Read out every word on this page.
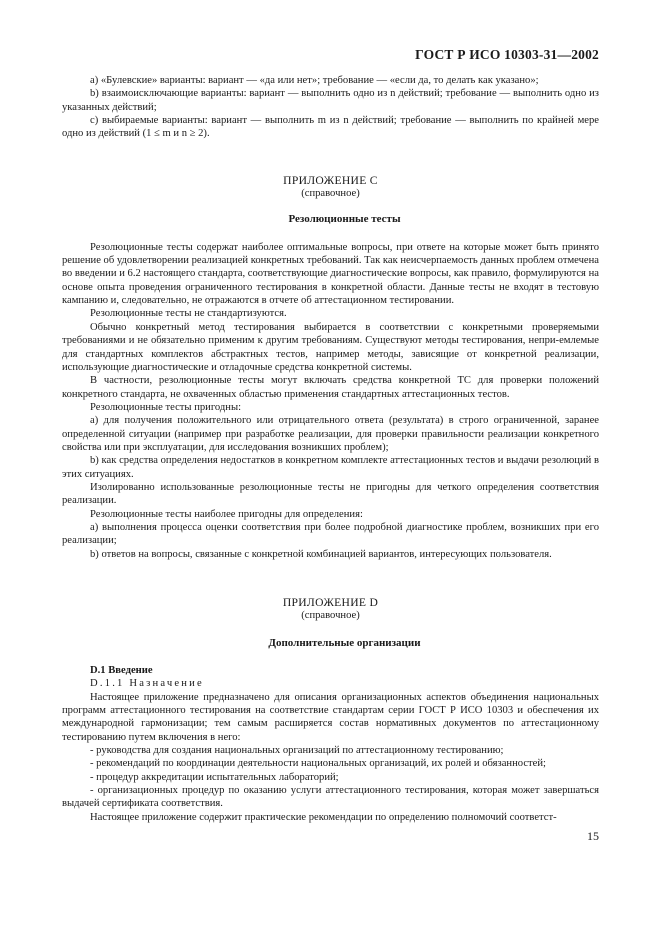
ГОСТ Р ИСО 10303-31—2002

a) «Булевские» варианты: вариант — «да или нет»; требование — «если да, то делать как указано»;

b) взаимоисключающие варианты: вариант — выполнить одно из n действий; требование — выполнить одно из указанных действий;

c) выбираемые варианты: вариант — выполнить m из n действий; требование — выполнить по крайней мере одно из действий (1 ≤ m и n ≥ 2).

ПРИЛОЖЕНИЕ С

(справочное)

Резолюционные тесты

Резолюционные тесты содержат наиболее оптимальные вопросы, при ответе на которые может быть принято решение об удовлетворении реализацией конкретных требований. Так как неисчерпаемость данных проблем отмечена во введении и 6.2 настоящего стандарта, соответствующие диагностические вопросы, как правило, формулируются на основе опыта проведения ограниченного тестирования в конкретной области. Данные тесты не входят в тестовую кампанию и, следовательно, не отражаются в отчете об аттестационном тестировании.

Резолюционные тесты не стандартизуются.

Обычно конкретный метод тестирования выбирается в соответствии с конкретными проверяемыми требованиями и не обязательно применим к другим требованиям. Существуют методы тестирования, непри-емлемые для стандартных комплектов абстрактных тестов, например методы, зависящие от конкретной реализации, использующие диагностические и отладочные средства конкретной системы.

В частности, резолюционные тесты могут включать средства конкретной ТС для проверки положений конкретного стандарта, не охваченных областью применения стандартных аттестационных тестов.

Резолюционные тесты пригодны:

a) для получения положительного или отрицательного ответа (результата) в строго ограниченной, заранее определенной ситуации (например при разработке реализации, для проверки правильности реализации конкретного свойства или при эксплуатации, для исследования возникших проблем);

b) как средства определения недостатков в конкретном комплекте аттестационных тестов и выдачи резолюций в этих ситуациях.

Изолированно использованные резолюционные тесты не пригодны для четкого определения соответствия реализации.

Резолюционные тесты наиболее пригодны для определения:

a) выполнения процесса оценки соответствия при более подробной диагностике проблем, возникших при его реализации;

b) ответов на вопросы, связанные с конкретной комбинацией вариантов, интересующих пользователя.

ПРИЛОЖЕНИЕ D

(справочное)

Дополнительные организации

D.1 Введение

D.1.1 Назначение

Настоящее приложение предназначено для описания организационных аспектов объединения национальных программ аттестационного тестирования на соответствие стандартам серии ГОСТ Р ИСО 10303 и обеспечения их международной гармонизации; тем самым расширяется состав нормативных документов по аттестационному тестированию путем включения в него:

- руководства для создания национальных организаций по аттестационному тестированию;

- рекомендаций по координации деятельности национальных организаций, их ролей и обязанностей;

- процедур аккредитации испытательных лабораторий;

- организационных процедур по оказанию услуги аттестационного тестирования, которая может завершаться выдачей сертификата соответствия.

Настоящее приложение содержит практические рекомендации по определению полномочий соответст-

15
